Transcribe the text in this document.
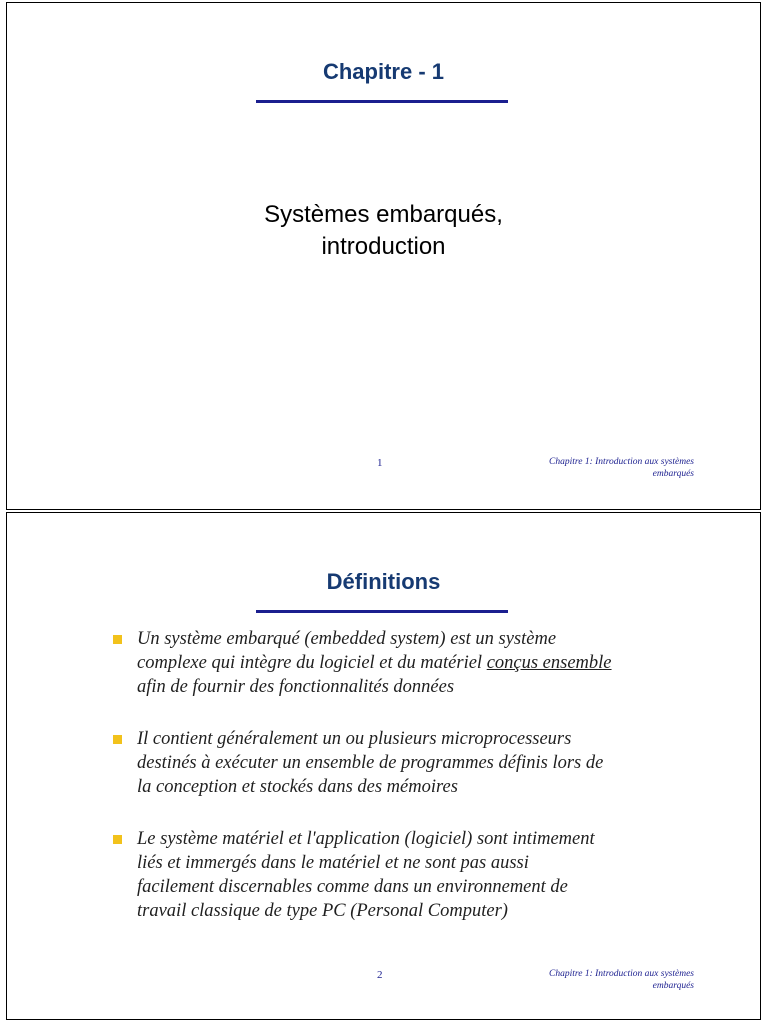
Chapitre - 1
Systèmes embarqués,
introduction
1	Chapitre 1: Introduction aux systèmes
embarqués
Définitions
Un système embarqué (embedded system) est un système
complexe qui intègre du logiciel et du matériel conçus ensemble
afin de fournir des fonctionnalités données
Il contient généralement un ou plusieurs microprocesseurs
destinés à exécuter un ensemble de programmes définis lors de
la conception et stockés dans des mémoires
Le système matériel et l'application (logiciel) sont intimement
liés et immergés dans le matériel et ne sont pas aussi
facilement discernables comme dans un environnement de
travail classique de type PC (Personal Computer)
2	Chapitre 1: Introduction aux systèmes
embarqués
